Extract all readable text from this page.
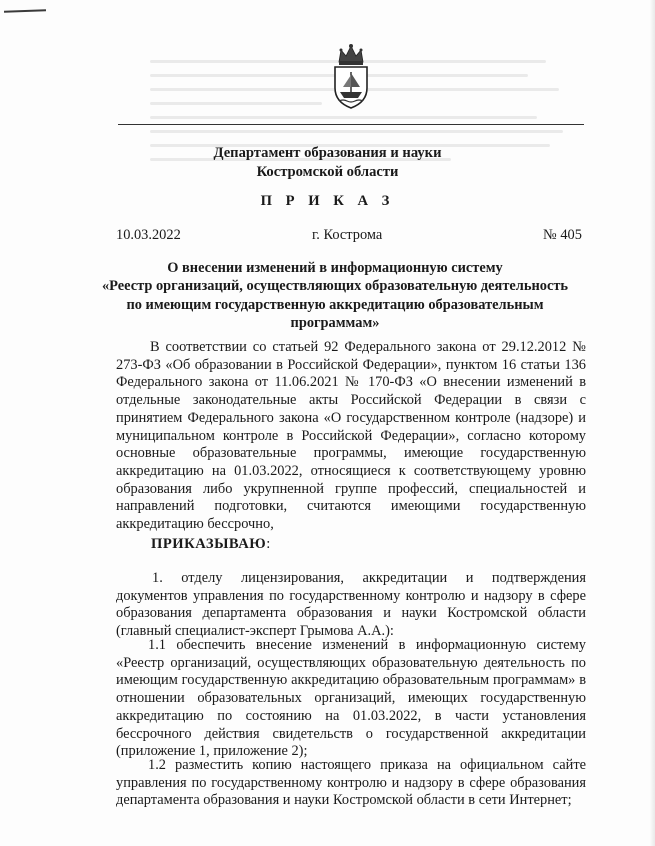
Департамент образования и науки
Костромской области
П Р И К А З
10.03.2022	г. Кострома	№ 405
О внесении изменений в информационную систему
«Реестр организаций, осуществляющих образовательную деятельность
по имеющим государственную аккредитацию образовательным
программам»
В соответствии со статьей 92 Федерального закона от 29.12.2012 № 273-ФЗ «Об образовании в Российской Федерации», пунктом 16 статьи 136 Федерального закона от 11.06.2021 № 170-ФЗ «О внесении изменений в отдельные законодательные акты Российской Федерации в связи с принятием Федерального закона «О государственном контроле (надзоре) и муниципальном контроле в Российской Федерации», согласно которому основные образовательные программы, имеющие государственную аккредитацию на 01.03.2022, относящиеся к соответствующему уровню образования либо укрупненной группе профессий, специальностей и направлений подготовки, считаются имеющими государственную аккредитацию бессрочно,
ПРИКАЗЫВАЮ:
1. отделу лицензирования, аккредитации и подтверждения документов управления по государственному контролю и надзору в сфере образования департамента образования и науки Костромской области (главный специалист-эксперт Грымова А.А.):
1.1 обеспечить внесение изменений в информационную систему «Реестр организаций, осуществляющих образовательную деятельность по имеющим государственную аккредитацию образовательным программам» в отношении образовательных организаций, имеющих государственную аккредитацию по состоянию на 01.03.2022, в части установления бессрочного действия свидетельств о государственной аккредитации (приложение 1, приложение 2);
1.2 разместить копию настоящего приказа на официальном сайте управления по государственному контролю и надзору в сфере образования департамента образования и науки Костромской области в сети Интернет;
